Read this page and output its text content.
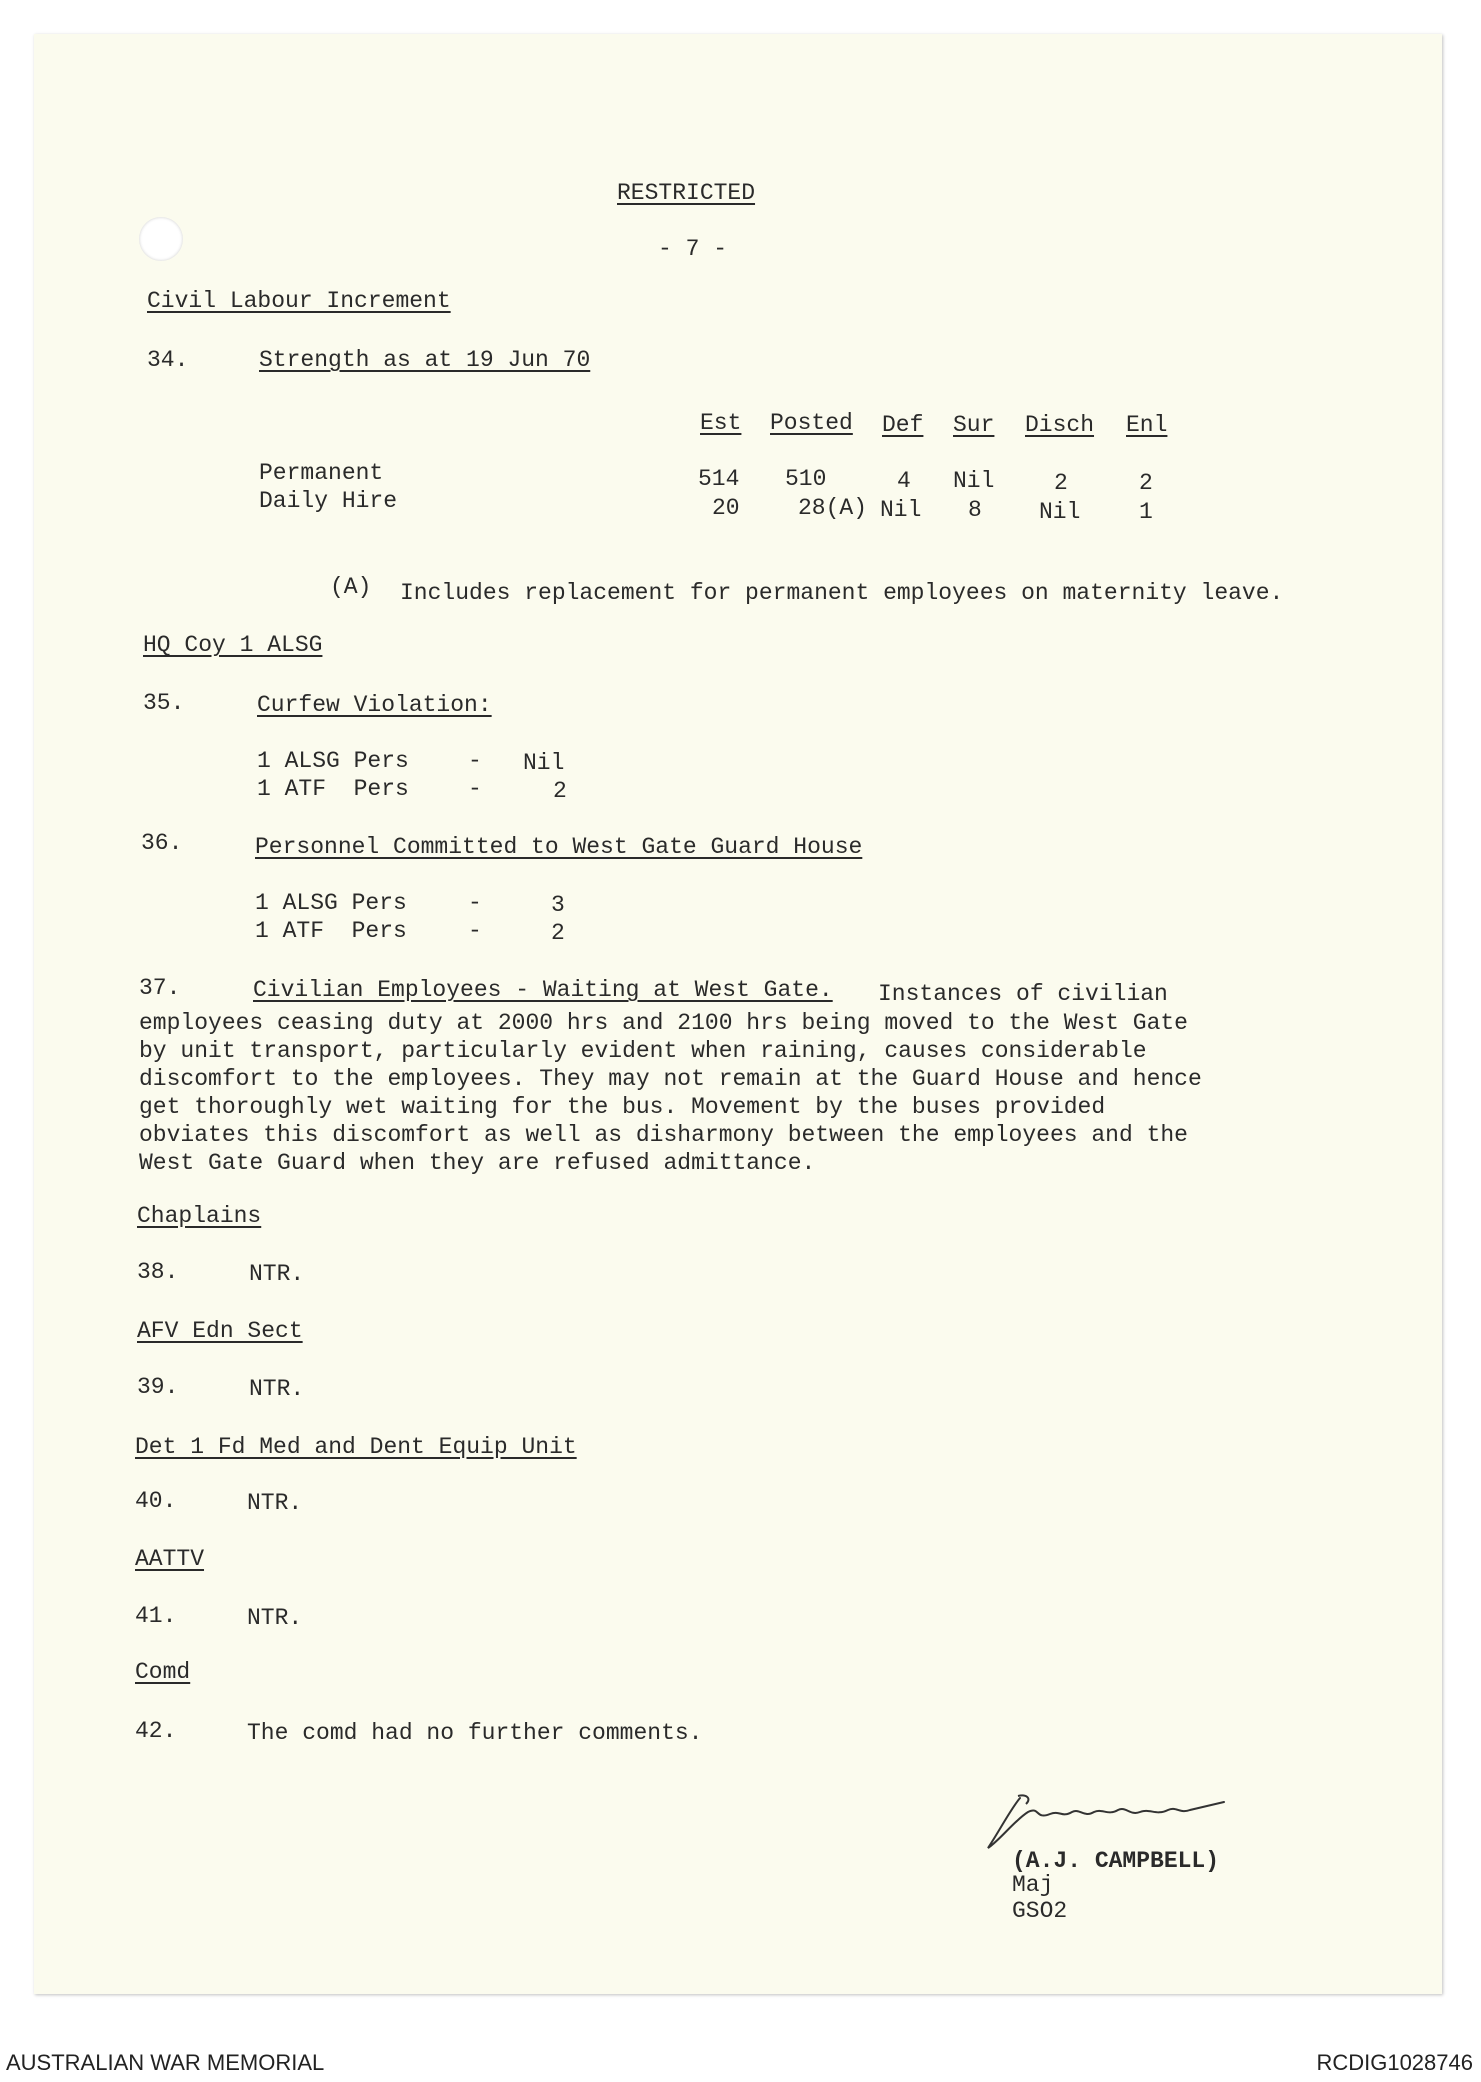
RESTRICTED
- 7 -
Civil Labour Increment
34.	Strength as at 19 Jun 70
Est Posted Def Sur Disch Enl
Permanent	514 510	4 Nil	2	2
Daily Hire	20	28(A) Nil 8 Nil	1
(A) Includes replacement for permanent employees on maternity leave.
HQ Coy 1 ALSG
35.	Curfew Violation:
1 ALSG Pers	- Nil
1 ATF  Pers	-	2
36.	Personnel Committed to West Gate Guard House
1 ALSG Pers	-	3
1 ATF  Pers	-	2
37.	Civilian Employees - Waiting at West Gate. Instances of civilian
employees ceasing duty at 2000 hrs and 2100 hrs being moved to the West Gate
by unit transport, particularly evident when raining, causes considerable
discomfort to the employees. They may not remain at the Guard House and hence
get thoroughly wet waiting for the bus. Movement by the buses provided
obviates this discomfort as well as disharmony between the employees and the
West Gate Guard when they are refused admittance.
Chaplains
38.	NTR.
AFV Edn Sect
39.	NTR.
Det 1 Fd Med and Dent Equip Unit
40.	NTR.
AATTV
41.	NTR.
Comd
42.	The comd had no further comments.
(A.J. CAMPBELL)
Maj
GSO2
AUSTRALIAN WAR MEMORIAL	RCDIG1028746
